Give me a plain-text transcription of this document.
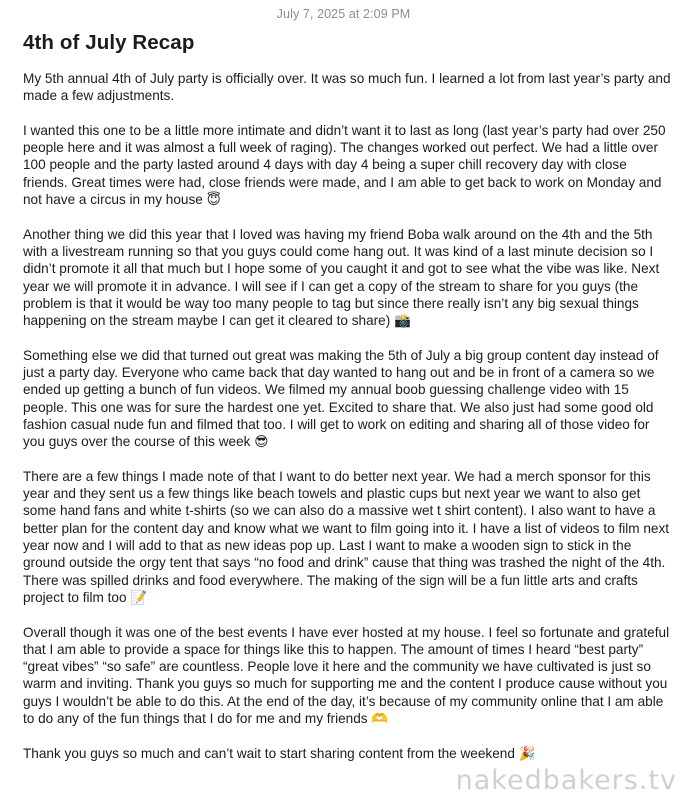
July 7, 2025 at 2:09 PM
4th of July Recap

My 5th annual 4th of July party is officially over. It was so much fun. I learned a lot from last year’s party and made a few adjustments.

I wanted this one to be a little more intimate and didn’t want it to last as long (last year’s party had over 250 people here and it was almost a full week of raging). The changes worked out perfect. We had a little over 100 people and the party lasted around 4 days with day 4 being a super chill recovery day with close friends. Great times were had, close friends were made, and I am able to get back to work on Monday and not have a circus in my house 😇

Another thing we did this year that I loved was having my friend Boba walk around on the 4th and the 5th with a livestream running so that you guys could come hang out. It was kind of a last minute decision so I didn’t promote it all that much but I hope some of you caught it and got to see what the vibe was like. Next year we will promote it in advance. I will see if I can get a copy of the stream to share for you guys (the problem is that it would be way too many people to tag but since there really isn’t any big sexual things happening on the stream maybe I can get it cleared to share) 📸

Something else we did that turned out great was making the 5th of July a big group content day instead of just a party day. Everyone who came back that day wanted to hang out and be in front of a camera so we ended up getting a bunch of fun videos. We filmed my annual boob guessing challenge video with 15 people. This one was for sure the hardest one yet. Excited to share that. We also just had some good old fashion casual nude fun and filmed that too. I will get to work on editing and sharing all of those video for you guys over the course of this week 😎

There are a few things I made note of that I want to do better next year. We had a merch sponsor for this year and they sent us a few things like beach towels and plastic cups but next year we want to also get some hand fans and white t-shirts (so we can also do a massive wet t shirt content). I also want to have a better plan for the content day and know what we want to film going into it. I have a list of videos to film next year now and I will add to that as new ideas pop up. Last I want to make a wooden sign to stick in the ground outside the orgy tent that says “no food and drink” cause that thing was trashed the night of the 4th. There was spilled drinks and food everywhere. The making of the sign will be a fun little arts and crafts project to film too 📝

Overall though it was one of the best events I have ever hosted at my house. I feel so fortunate and grateful that I am able to provide a space for things like this to happen. The amount of times I heard “best party” “great vibes” “so safe” are countless. People love it here and the community we have cultivated is just so warm and inviting. Thank you guys so much for supporting me and the content I produce cause without you guys I wouldn’t be able to do this. At the end of the day, it’s because of my community online that I am able to do any of the fun things that I do for me and my friends 🫶

Thank you guys so much and can’t wait to start sharing content from the weekend 🎉

nakedbakers.tv
